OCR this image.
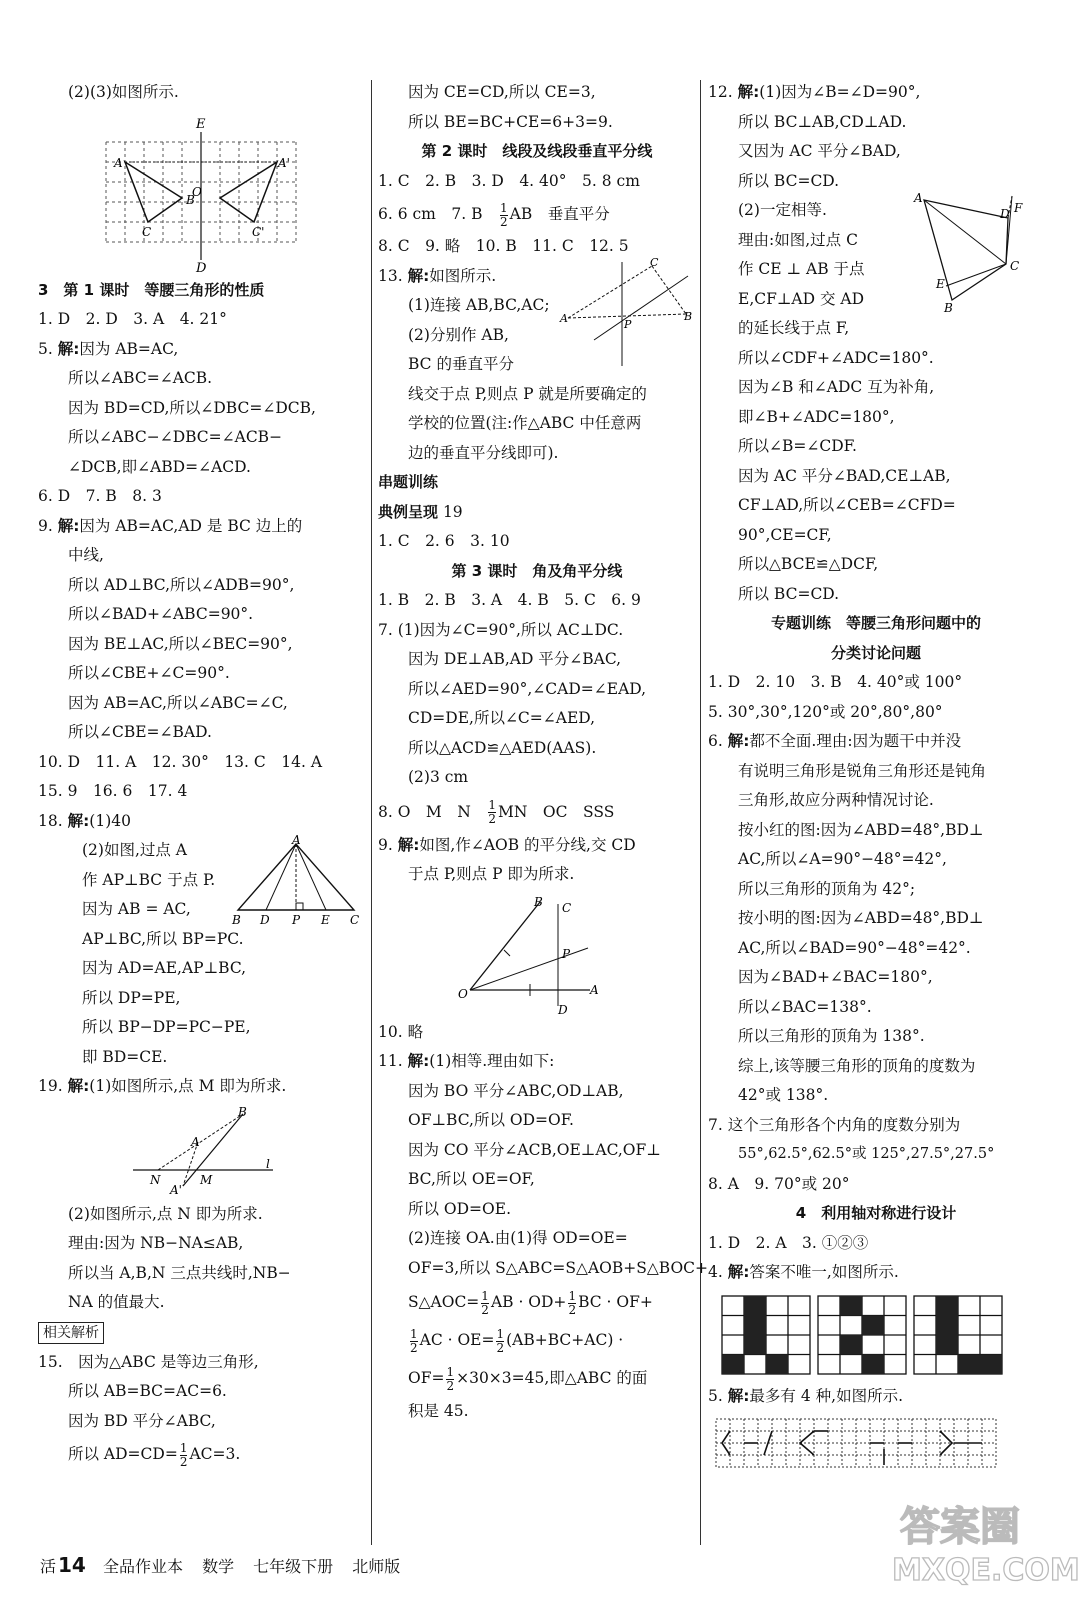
(2)(3)如图所示.
E
D
A	A'
B
C	C'
O
3　第 1 课时　等腰三角形的性质
1. D　2. D　3. A　4. 21°
5. 解:因为 AB=AC,
所以∠ABC=∠ACB.
因为 BD=CD,所以∠DBC=∠DCB,
所以∠ABC−∠DBC=∠ACB−
∠DCB,即∠ABD=∠ACD.
6. D　7. B　8. 3
9. 解:因为 AB=AC,AD 是 BC 边上的
中线,
所以 AD⊥BC,所以∠ADB=90°,
所以∠BAD+∠ABC=90°.
因为 BE⊥AC,所以∠BEC=90°,
所以∠CBE+∠C=90°.
因为 AB=AC,所以∠ABC=∠C,
所以∠CBE=∠BAD.
10. D　11. A　12. 30°　13. C　14. A
15. 9　16. 6　17. 4
18. 解:(1)40
(2)如图,过点 A
作 AP⊥BC 于点 P.
因为 AB = AC,
A
B D P E C
AP⊥BC,所以 BP=PC.
因为 AD=AE,AP⊥BC,
所以 DP=PE,
所以 BP−DP=PC−PE,
即 BD=CE.
19. 解:(1)如图所示,点 M 即为所求.
B
A
A'
N	M
l
(2)如图所示,点 N 即为所求.
理由:因为 NB−NA≤AB,
所以当 A,B,N 三点共线时,NB−
NA 的值最大.
相关解析
15.　因为△ABC 是等边三角形,
所以 AB=BC=AC=6.
因为 BD 平分∠ABC,
所以 $AD=CD= \frac{1}{2} AC=3$.
因为 CE=CD,所以 CE=3,
所以 BE=BC+CE=6+3=9.
第 2 课时　线段及线段垂直平分线
1. C　2. B　3. D　4. 40°　5. 8 cm
6. 6 cm　7. B　 $\frac{1}{2}$ AB　垂直平分
8. C　9. 略　10. B　11. C　12. 5
13. 解:如图所示.
(1)连接 AB,BC,AC;
(2)分别作 AB,
BC 的垂直平分
C
A	B
P
线交于点 P,则点 P 就是所要确定的
学校的位置(注:作△ABC 中任意两
边的垂直平分线即可).
串题训练
典例呈现 19
1. C　2. 6　3. 10
第 3 课时　角及角平分线
1. B　2. B　3. A　4. B　5. C　6. 9
7. (1)因为∠C=90°,所以 AC⊥DC.
因为 DE⊥AB,AD 平分∠BAC,
所以∠AED=90°,∠CAD=∠EAD,
CD=DE,所以∠C=∠AED,
所以△ACD≌△AED(AAS).
(2)3 cm
8. O　M　N　 $\frac{1}{2}$ MN　OC　SSS
9. 解:如图,作∠AOB 的平分线,交 CD
于点 P,则点 P 即为所求.
B C
P
O	A
D
10. 略
11. 解:(1)相等.理由如下:
因为 BO 平分∠ABC,OD⊥AB,
OF⊥BC,所以 OD=OF.
因为 CO 平分∠ACB,OE⊥AC,OF⊥
BC,所以 OE=OF,
所以 OD=OE.
(2)连接 OA.由(1)得 OD=OE=
OF=3,所以 S△ABC=S△AOB+S△BOC+
S△AOC= $\frac{1}{2}$ AB · $OD+ \frac{1}{2}$ BC · OF+
$\frac{1}{2}$ AC · $OE= \frac{1}{2} (AB+BC+AC)$ ·
$OF= \frac{1}{2} \times 30\times 3=45$,即△ABC 的面
积是 45.
12. 解:(1)因为∠B=∠D=90°,
所以 BC⊥AB,CD⊥AD.
又因为 AC 平分∠BAD,
所以 BC=CD.
(2)一定相等.
理由:如图,过点 C
作 CE ⊥ AB 于点
E,CF⊥AD 交 AD
的延长线于点 F,
A
D F
C
E
B
所以∠CDF+∠ADC=180°.
因为∠B 和∠ADC 互为补角,
即∠B+∠ADC=180°,
所以∠B=∠CDF.
因为 AC 平分∠BAD,CE⊥AB,
CF⊥AD,所以∠CEB=∠CFD=
90°,CE=CF,
所以△BCE≌△DCF,
所以 BC=CD.
专题训练　等腰三角形问题中的
分类讨论问题
1. D　2. 10　3. B　4. 40°或 100°
5. 30°,30°,120°或 20°,80°,80°
6. 解:都不全面.理由:因为题干中并没
有说明三角形是锐角三角形还是钝角
三角形,故应分两种情况讨论.
按小红的图:因为∠ABD=48°,BD⊥
AC,所以∠A=90°−48°=42°,
所以三角形的顶角为 42°;
按小明的图:因为∠ABD=48°,BD⊥
AC,所以∠BAD=90°−48°=42°.
因为∠BAD+∠BAC=180°,
所以∠BAC=138°.
所以三角形的顶角为 138°.
综上,该等腰三角形的顶角的度数为
42°或 138°.
7. 这个三角形各个内角的度数分别为
55°,62.5°,62.5°或 125°,27.5°,27.5°
8. A　9. 70°或 20°
4　利用轴对称进行设计
1. D　2. A　3. ①②③
4. 解:答案不唯一,如图所示.
5. 解:最多有 4 种,如图所示.
活 14 全品作业本 数学 七年级下册 北师版
答案圈
MXQE.COM
